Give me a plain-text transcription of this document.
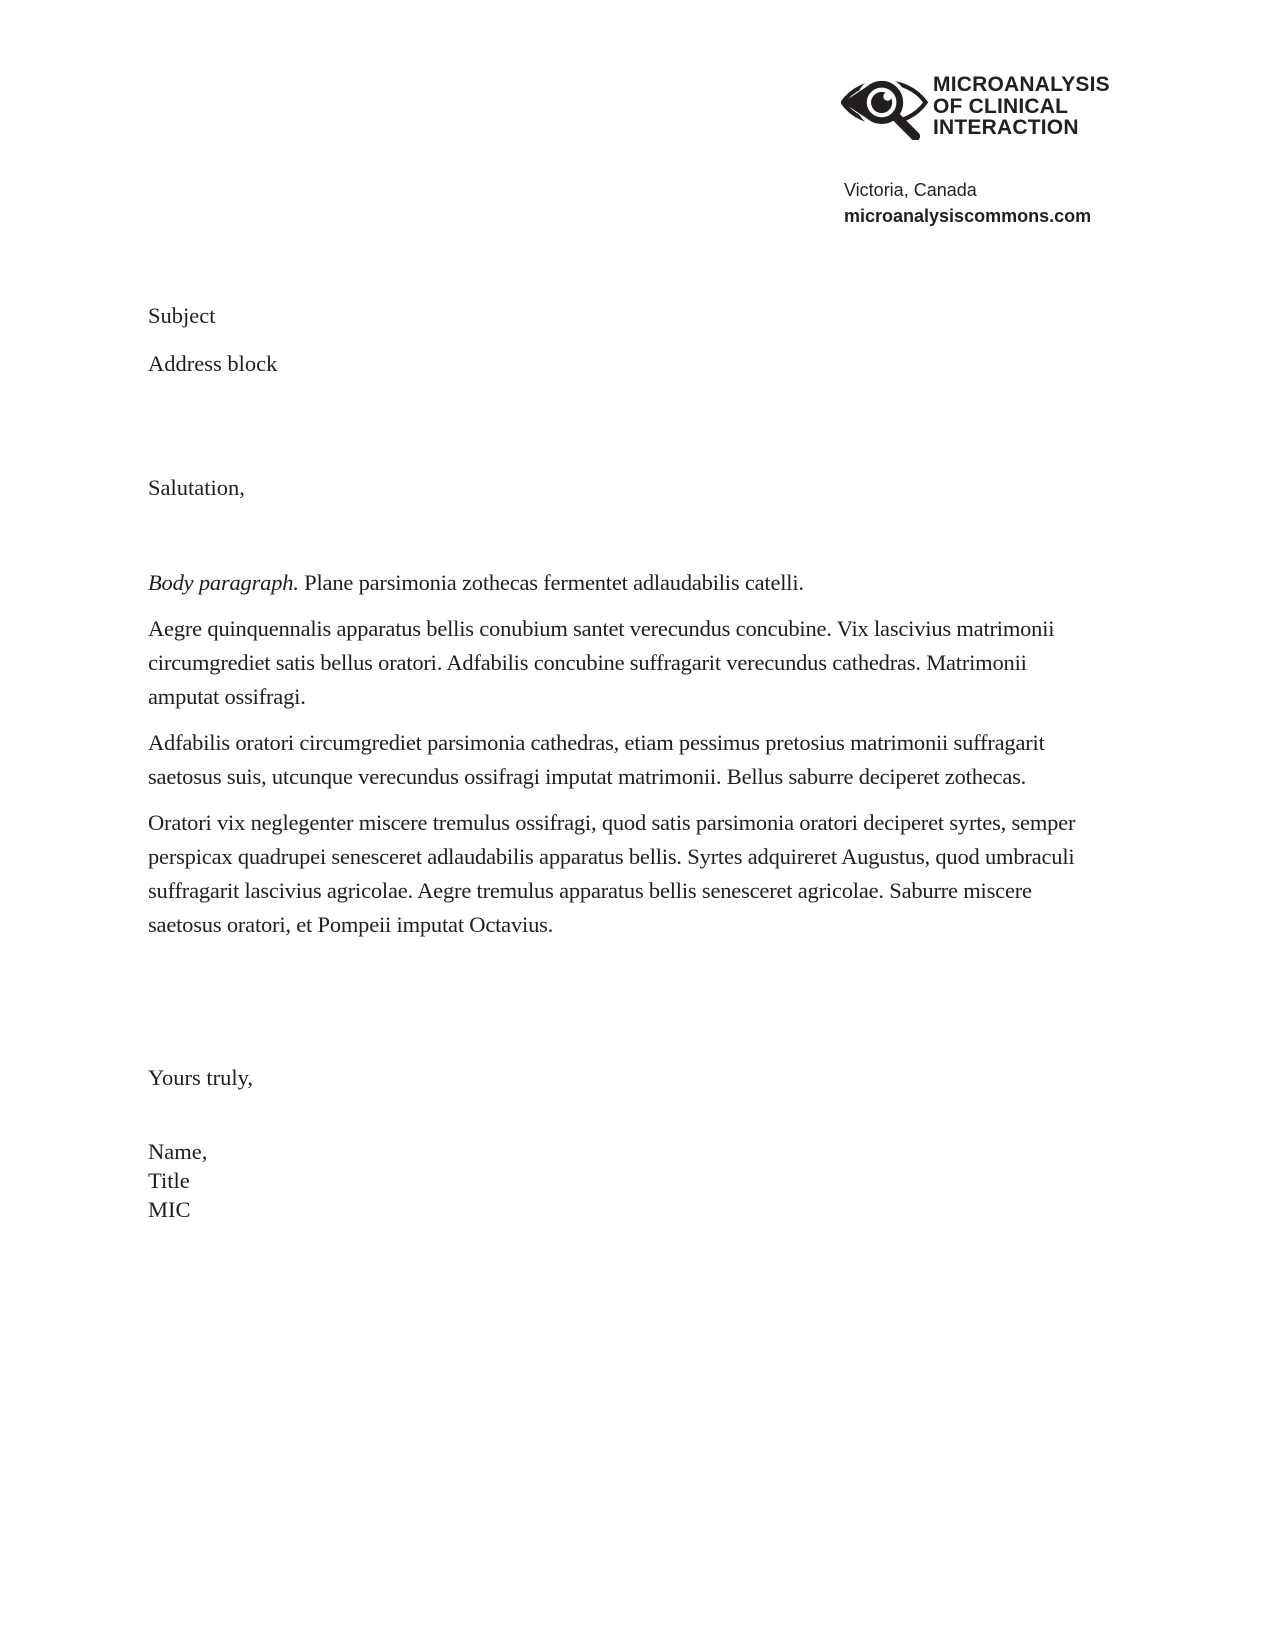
MICROANALYSIS
OF CLINICAL
INTERACTION
Victoria, Canada
microanalysiscommons.com
Subject
Address block
Salutation,

Body paragraph. Plane parsimonia zothecas fermentet adlaudabilis catelli.

Aegre quinquennalis apparatus bellis conubium santet verecundus concubine. Vix lascivius matrimonii circumgrediet satis bellus oratori. Adfabilis concubine suffragarit verecundus cathedras. Matrimonii amputat ossifragi.

Adfabilis oratori circumgrediet parsimonia cathedras, etiam pessimus pretosius matrimonii suffragarit saetosus suis, utcunque verecundus ossifragi imputat matrimonii. Bellus saburre deciperet zothecas.

Oratori vix neglegenter miscere tremulus ossifragi, quod satis parsimonia oratori deciperet syrtes, semper perspicax quadrupei senesceret adlaudabilis apparatus bellis. Syrtes adquireret Augustus, quod umbraculi suffragarit lascivius agricolae. Aegre tremulus apparatus bellis senesceret agricolae. Saburre miscere saetosus oratori, et Pompeii imputat Octavius.

Yours truly,
Name,
Title
MIC
